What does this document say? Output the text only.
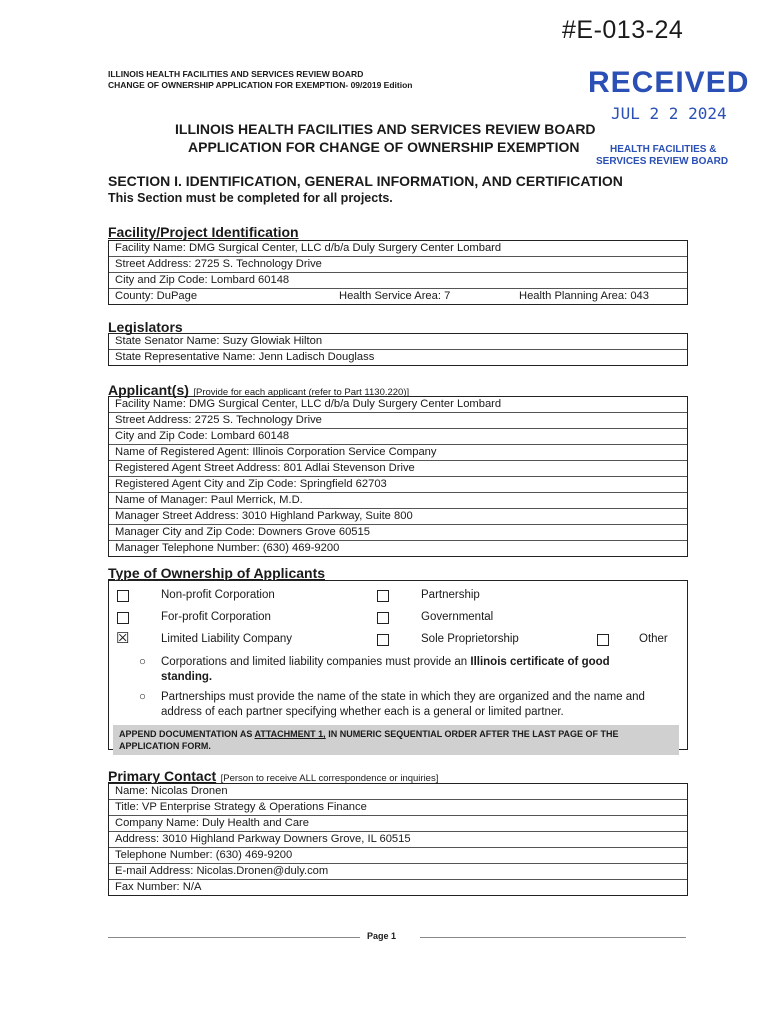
#E-013-24
ILLINOIS HEALTH FACILITIES AND SERVICES REVIEW BOARD
CHANGE OF OWNERSHIP APPLICATION FOR EXEMPTION- 09/2019 Edition	RECEIVED
JUL 2 2 2024
HEALTH FACILITIES &
SERVICES REVIEW BOARD
ILLINOIS HEALTH FACILITIES AND SERVICES REVIEW BOARD
APPLICATION FOR CHANGE OF OWNERSHIP EXEMPTION
SECTION I. IDENTIFICATION, GENERAL INFORMATION, AND CERTIFICATION
This Section must be completed for all projects.
Facility/Project Identification
Facility Name: DMG Surgical Center, LLC d/b/a Duly Surgery Center Lombard
Street Address: 2725 S. Technology Drive
City and Zip Code: Lombard 60148
County: DuPage	Health Service Area: 7	Health Planning Area: 043
Legislators
State Senator Name: Suzy Glowiak Hilton
State Representative Name: Jenn Ladisch Douglass
Applicant(s) [Provide for each applicant (refer to Part 1130.220)]
Facility Name: DMG Surgical Center, LLC d/b/a Duly Surgery Center Lombard
Street Address: 2725 S. Technology Drive
City and Zip Code: Lombard 60148
Name of Registered Agent: Illinois Corporation Service Company
Registered Agent Street Address: 801 Adlai Stevenson Drive
Registered Agent City and Zip Code: Springfield 62703
Name of Manager: Paul Merrick, M.D.
Manager Street Address: 3010 Highland Parkway, Suite 800
Manager City and Zip Code: Downers Grove 60515
Manager Telephone Number: (630) 469-9200
Type of Ownership of Applicants
Non-profit Corporation	Partnership
For-profit Corporation	Governmental
☒	Limited Liability Company	Sole Proprietorship	Other
○ Corporations and limited liability companies must provide an Illinois certificate of good standing.
○ Partnerships must provide the name of the state in which they are organized and the name and address of each partner specifying whether each is a general or limited partner.
APPEND DOCUMENTATION AS ATTACHMENT 1, IN NUMERIC SEQUENTIAL ORDER AFTER THE LAST PAGE OF THE APPLICATION FORM.
Primary Contact [Person to receive ALL correspondence or inquiries]
Name: Nicolas Dronen
Title: VP Enterprise Strategy & Operations Finance
Company Name: Duly Health and Care
Address: 3010 Highland Parkway Downers Grove, IL 60515
Telephone Number: (630) 469-9200
E-mail Address: Nicolas.Dronen@duly.com
Fax Number: N/A
Page 1
